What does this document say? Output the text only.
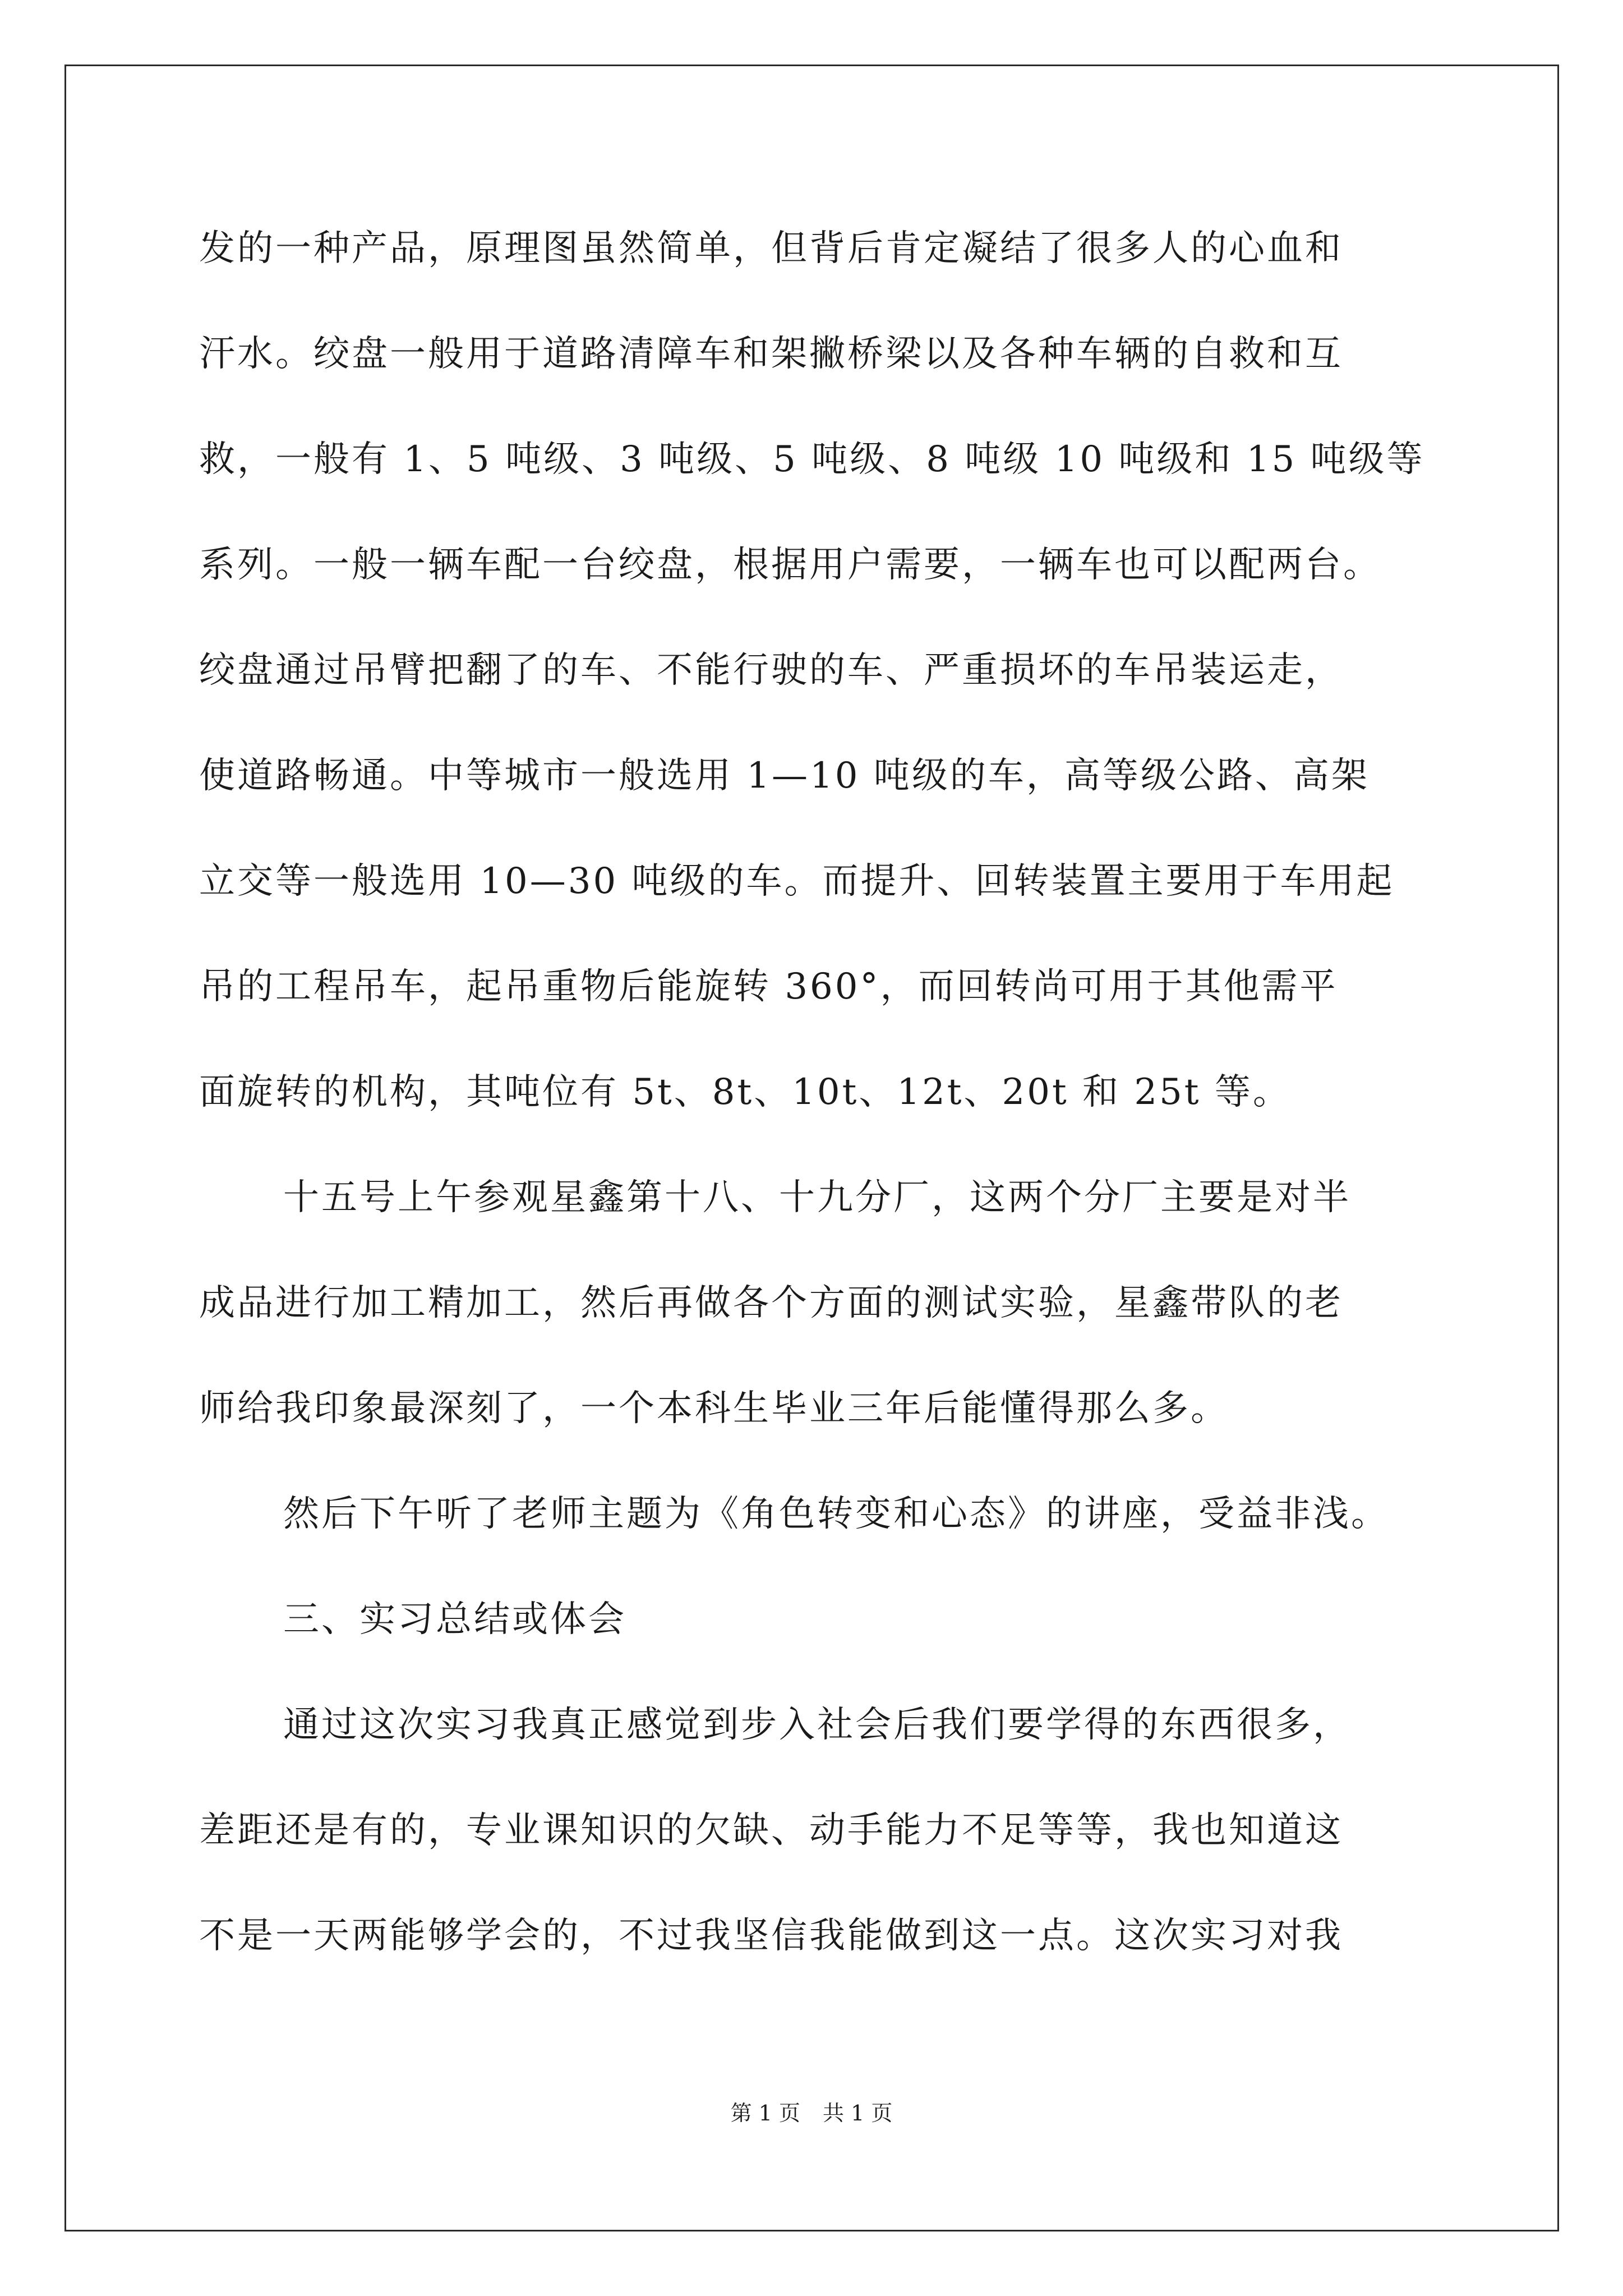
发的一种产品，原理图虽然简单，但背后肯定凝结了很多人的心血和
汗水。绞盘一般用于道路清障车和架撇桥梁以及各种车辆的自救和互
救，一般有 1、5 吨级、3 吨级、5 吨级、8 吨级 10 吨级和 15 吨级等
系列。一般一辆车配一台绞盘，根据用户需要，一辆车也可以配两台。
绞盘通过吊臂把翻了的车、不能行驶的车、严重损坏的车吊装运走，
使道路畅通。中等城市一般选用 1—10 吨级的车，高等级公路、高架
立交等一般选用 10—30 吨级的车。而提升、回转装置主要用于车用起
吊的工程吊车，起吊重物后能旋转 360°，而回转尚可用于其他需平
面旋转的机构，其吨位有 5t、8t、10t、12t、20t 和 25t 等。
十五号上午参观星鑫第十八、十九分厂，这两个分厂主要是对半
成品进行加工精加工，然后再做各个方面的测试实验，星鑫带队的老
师给我印象最深刻了，一个本科生毕业三年后能懂得那么多。
然后下午听了老师主题为《角色转变和心态》的讲座，受益非浅。
三、实习总结或体会
通过这次实习我真正感觉到步入社会后我们要学得的东西很多，
差距还是有的，专业课知识的欠缺、动手能力不足等等，我也知道这
不是一天两能够学会的，不过我坚信我能做到这一点。这次实习对我
第 1 页 共 1 页
